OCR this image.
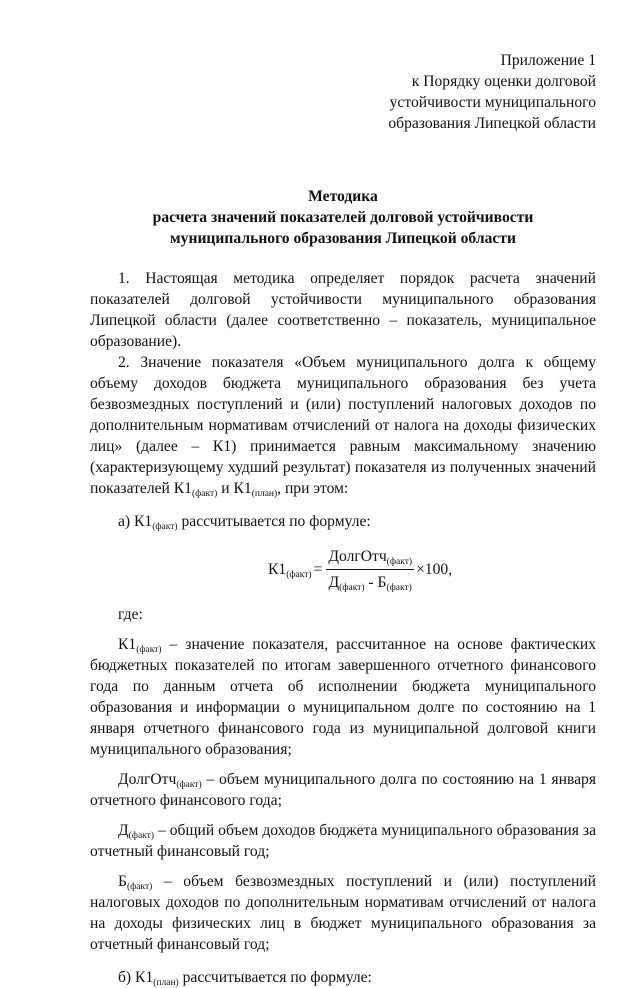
Приложение 1
к Порядку оценки долговой
устойчивости муниципального
образования Липецкой области
Методика
расчета значений показателей долговой устойчивости
муниципального образования Липецкой области

1. Настоящая методика определяет порядок расчета значений показателей долговой устойчивости муниципального образования Липецкой области (далее соответственно – показатель, муниципальное образование).

2. Значение показателя «Объем муниципального долга к общему объему доходов бюджета муниципального образования без учета безвозмездных поступлений и (или) поступлений налоговых доходов по дополнительным нормативам отчислений от налога на доходы физических лиц» (далее – К1) принимается равным максимальному значению (характеризующему худший результат) показателя из полученных значений показателей $К1_{(факт)}$ и $К1_{(план)}$, при этом:

а) $К1_{(факт)}$ рассчитывается по формуле:

$К1_{(факт)} = \frac{ДолгОтч_{(факт)}}{Д_{(факт)} - Б_{(факт)}} \times 100$,

где:

$К1_{(факт)}$ – значение показателя, рассчитанное на основе фактических бюджетных показателей по итогам завершенного отчетного финансового года по данным отчета об исполнении бюджета муниципального образования и информации о муниципальном долге по состоянию на 1 января отчетного финансового года из муниципальной долговой книги муниципального образования;

ДолгОтч$_{(факт)}$ – объем муниципального долга по состоянию на 1 января отчетного финансового года;

$Д_{(факт)}$ – общий объем доходов бюджета муниципального образования за отчетный финансовый год;

$Б_{(факт)}$ – объем безвозмездных поступлений и (или) поступлений налоговых доходов по дополнительным нормативам отчислений от налога на доходы физических лиц в бюджет муниципального образования за отчетный финансовый год;

б) $К1_{(план)}$ рассчитывается по формуле:
